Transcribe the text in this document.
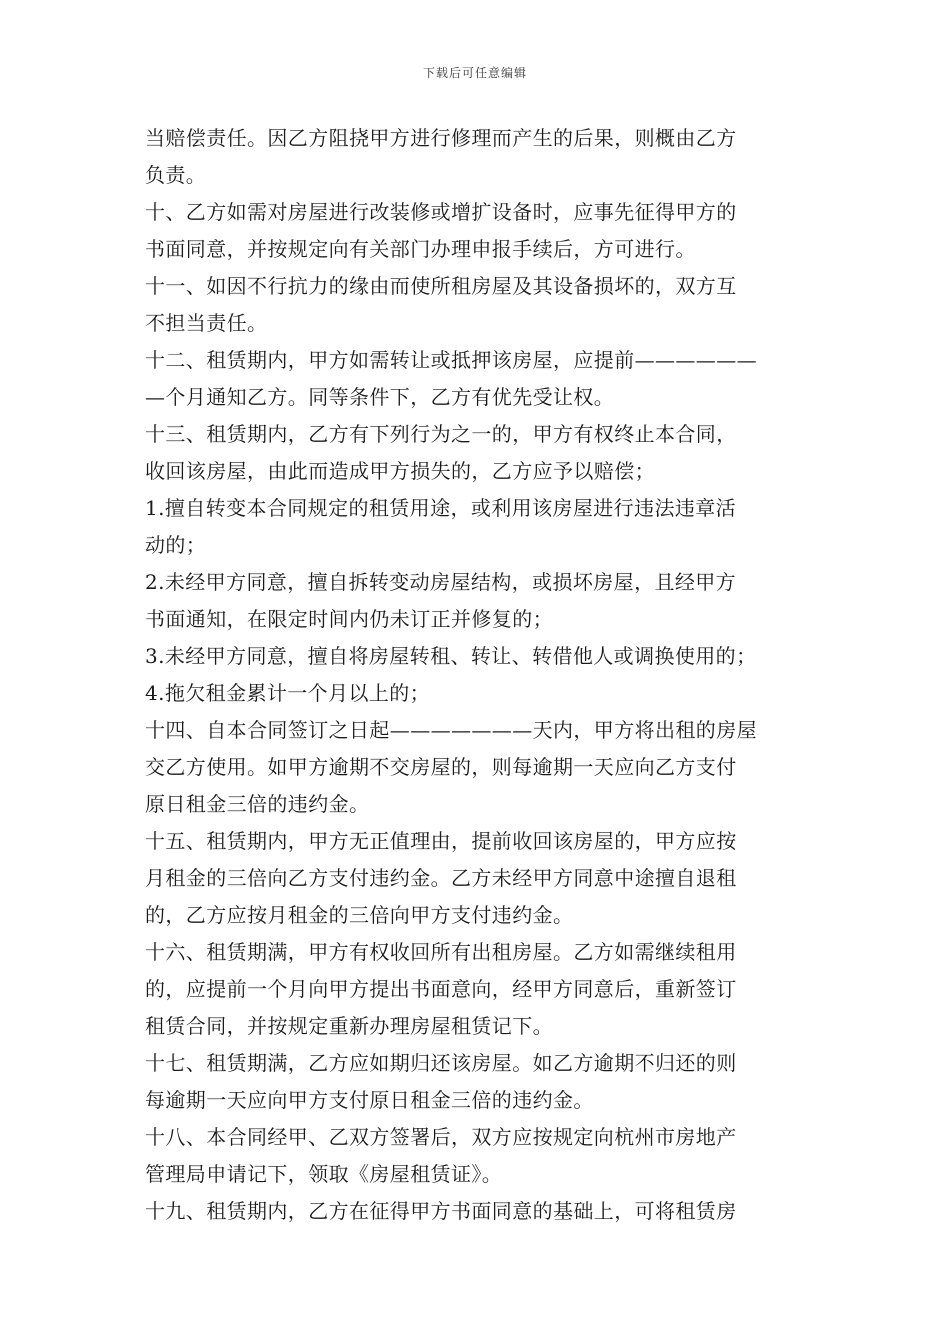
下载后可任意编辑
当赔偿责任。因乙方阻挠甲方进行修理而产生的后果，则概由乙方
负责。
十、乙方如需对房屋进行改装修或增扩设备时，应事先征得甲方的
书面同意，并按规定向有关部门办理申报手续后，方可进行。
十一、如因不行抗力的缘由而使所租房屋及其设备损坏的，双方互
不担当责任。
十二、租赁期内，甲方如需转让或抵押该房屋，应提前——————
—个月通知乙方。同等条件下，乙方有优先受让权。
十三、租赁期内，乙方有下列行为之一的，甲方有权终止本合同，
收回该房屋，由此而造成甲方损失的，乙方应予以赔偿；
1.擅自转变本合同规定的租赁用途，或利用该房屋进行违法违章活
动的；
2.未经甲方同意，擅自拆转变动房屋结构，或损坏房屋，且经甲方
书面通知，在限定时间内仍未订正并修复的；
3.未经甲方同意，擅自将房屋转租、转让、转借他人或调换使用的；
4.拖欠租金累计一个月以上的；
十四、自本合同签订之日起———————天内，甲方将出租的房屋
交乙方使用。如甲方逾期不交房屋的，则每逾期一天应向乙方支付
原日租金三倍的违约金。
十五、租赁期内，甲方无正值理由，提前收回该房屋的，甲方应按
月租金的三倍向乙方支付违约金。乙方未经甲方同意中途擅自退租
的，乙方应按月租金的三倍向甲方支付违约金。
十六、租赁期满，甲方有权收回所有出租房屋。乙方如需继续租用
的，应提前一个月向甲方提出书面意向，经甲方同意后，重新签订
租赁合同，并按规定重新办理房屋租赁记下。
十七、租赁期满，乙方应如期归还该房屋。如乙方逾期不归还的则
每逾期一天应向甲方支付原日租金三倍的违约金。
十八、本合同经甲、乙双方签署后，双方应按规定向杭州市房地产
管理局申请记下，领取《房屋租赁证》。
十九、租赁期内，乙方在征得甲方书面同意的基础上，可将租赁房
